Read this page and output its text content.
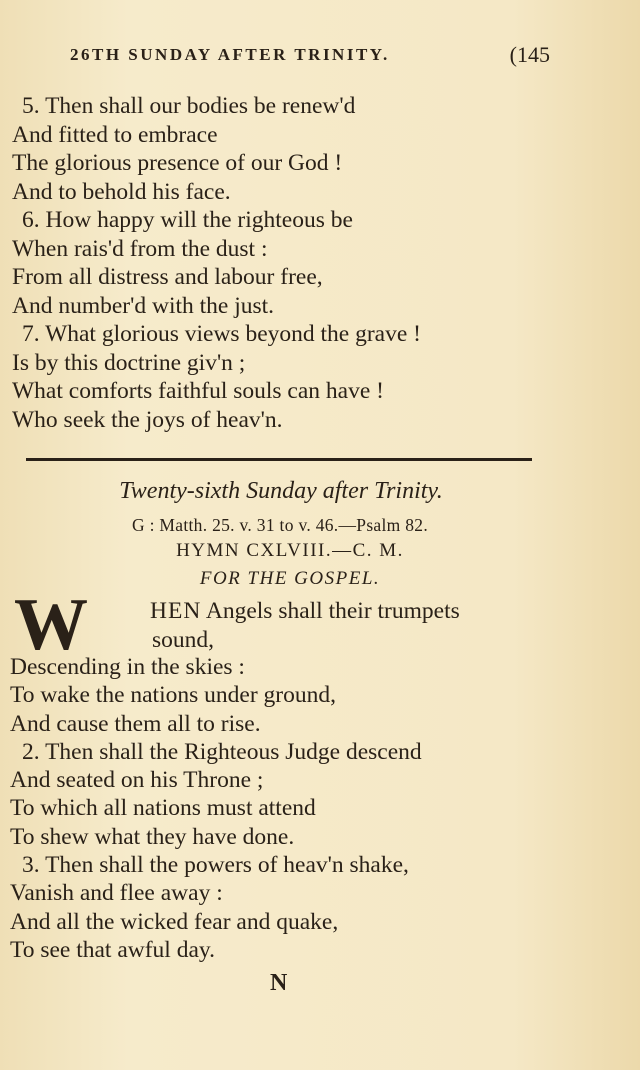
26TH SUNDAY AFTER TRINITY.	(145
5. Then shall our bodies be renew'd
And fitted to embrace
The glorious presence of our God !
And to behold his face.
6. How happy will the righteous be
When rais'd from the dust :
From all distress and labour free,
And number'd with the just.
7. What glorious views beyond the grave !
Is by this doctrine giv'n ;
What comforts faithful souls can have !
Who seek the joys of heav'n.
Twenty-sixth Sunday after Trinity.
G : Matth. 25. v. 31 to v. 46.—Psalm 82.
HYMN CXLVIII.—C. M.
FOR THE GOSPEL.
W	HEN Angels shall their trumpets
sound,
Descending in the skies :
To wake the nations under ground,
And cause them all to rise.
2. Then shall the Righteous Judge descend
And seated on his Throne ;
To which all nations must attend
To shew what they have done.
3. Then shall the powers of heav'n shake,
Vanish and flee away :
And all the wicked fear and quake,
To see that awful day.
N
